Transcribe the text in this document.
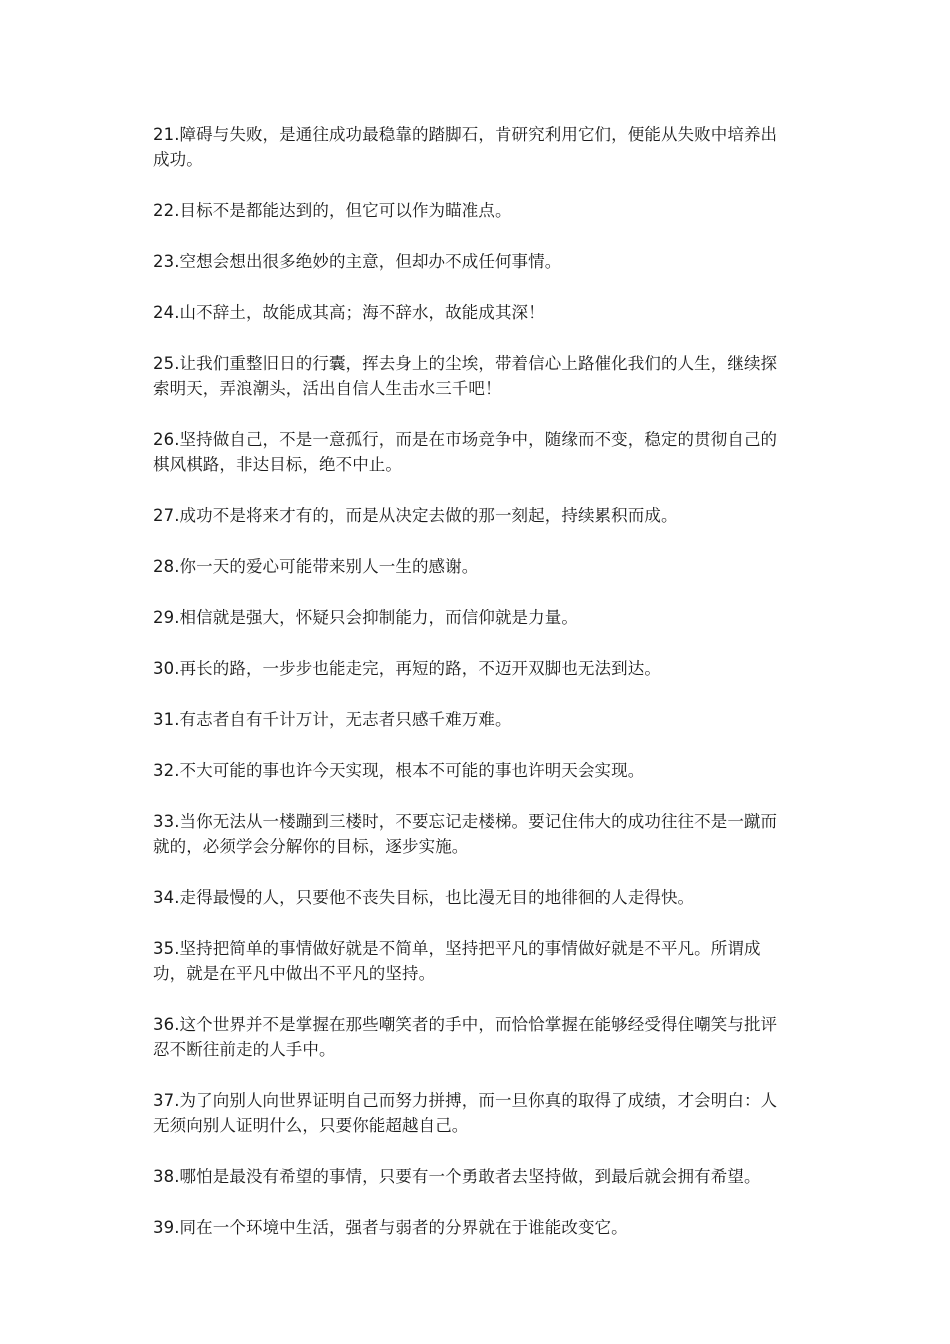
21.障碍与失败，是通往成功最稳靠的踏脚石，肯研究利用它们，便能从失败中培养出成功。

22.目标不是都能达到的，但它可以作为瞄准点。

23.空想会想出很多绝妙的主意，但却办不成任何事情。

24.山不辞土，故能成其高；海不辞水，故能成其深！

25.让我们重整旧日的行囊，挥去身上的尘埃，带着信心上路催化我们的人生，继续探索明天，弄浪潮头，活出自信人生击水三千吧！

26.坚持做自己，不是一意孤行，而是在市场竞争中，随缘而不变，稳定的贯彻自己的棋风棋路，非达目标，绝不中止。

27.成功不是将来才有的，而是从决定去做的那一刻起，持续累积而成。

28.你一天的爱心可能带来别人一生的感谢。

29.相信就是强大，怀疑只会抑制能力，而信仰就是力量。

30.再长的路，一步步也能走完，再短的路，不迈开双脚也无法到达。

31.有志者自有千计万计，无志者只感千难万难。

32.不大可能的事也许今天实现，根本不可能的事也许明天会实现。

33.当你无法从一楼蹦到三楼时，不要忘记走楼梯。要记住伟大的成功往往不是一蹴而就的，必须学会分解你的目标，逐步实施。

34.走得最慢的人，只要他不丧失目标，也比漫无目的地徘徊的人走得快。

35.坚持把简单的事情做好就是不简单，坚持把平凡的事情做好就是不平凡。所谓成功，就是在平凡中做出不平凡的坚持。

36.这个世界并不是掌握在那些嘲笑者的手中，而恰恰掌握在能够经受得住嘲笑与批评忍不断往前走的人手中。

37.为了向别人向世界证明自己而努力拼搏，而一旦你真的取得了成绩，才会明白：人无须向别人证明什么，只要你能超越自己。

38.哪怕是最没有希望的事情，只要有一个勇敢者去坚持做，到最后就会拥有希望。

39.同在一个环境中生活，强者与弱者的分界就在于谁能改变它。
